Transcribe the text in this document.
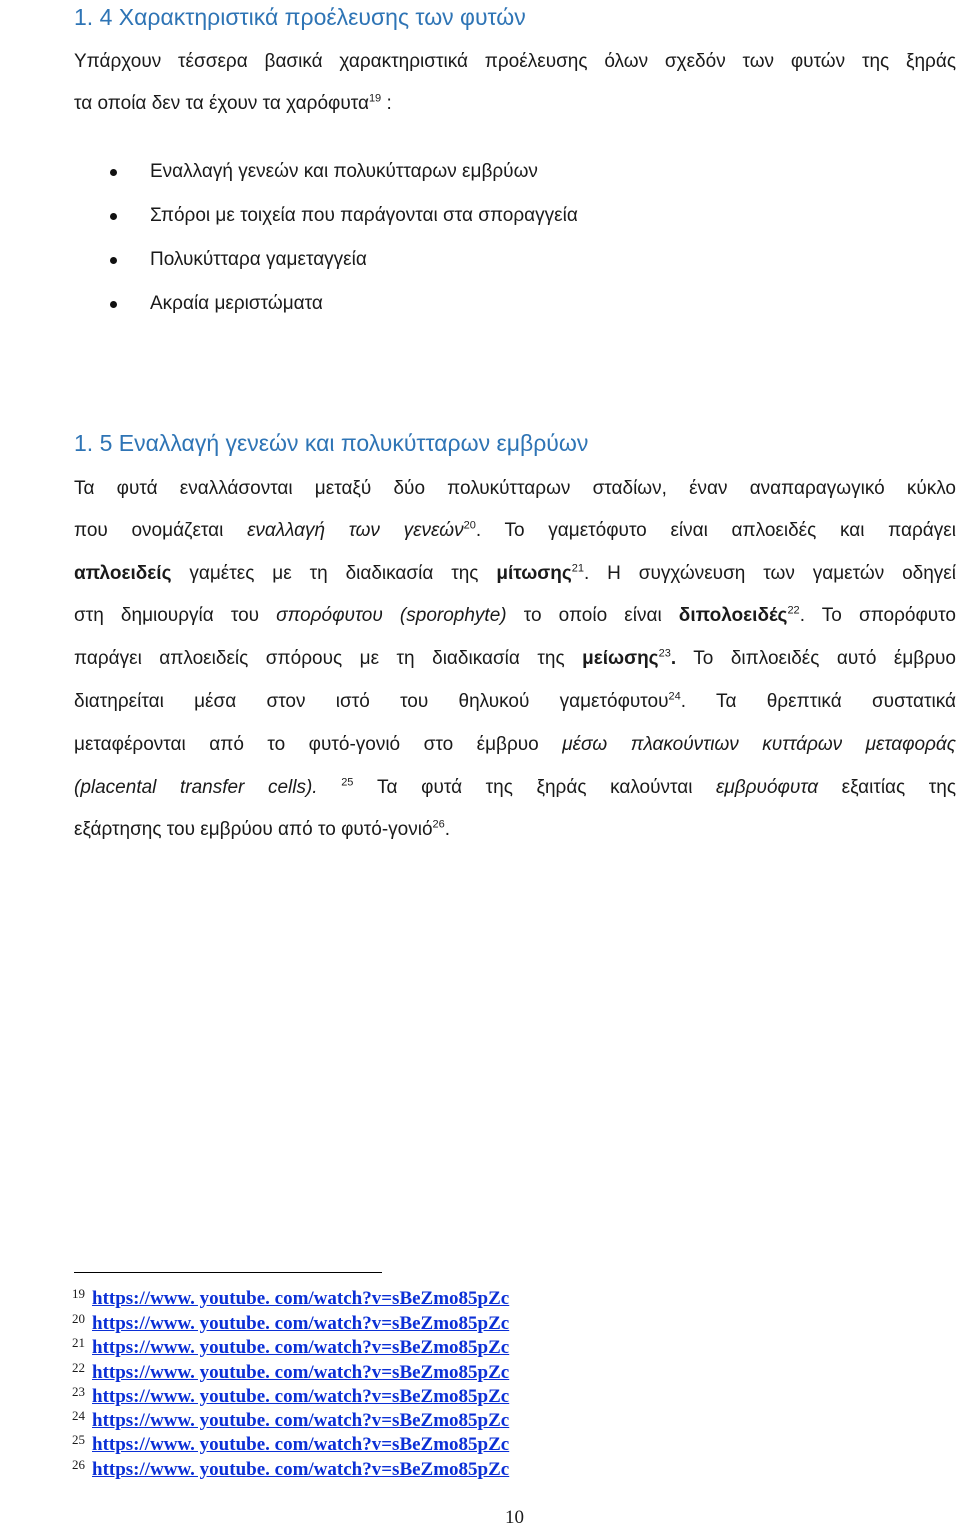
1. 4 Χαρακτηριστικά προέλευσης των φυτών
Υπάρχουν τέσσερα βασικά χαρακτηριστικά προέλευσης όλων σχεδόν των φυτών της ξηράς
τα οποία δεν τα έχουν τα χαρόφυτα$^{19}$ :
Εναλλαγή γενεών και πολυκύτταρων εμβρύων
Σπόροι με τοιχεία που παράγονται στα σποραγγεία
Πολυκύτταρα γαμεταγγεία
Ακραία μεριστώματα
1. 5 Εναλλαγή γενεών και πολυκύτταρων εμβρύων
Τα φυτά εναλλάσονται μεταξύ δύο πολυκύτταρων σταδίων, έναν αναπαραγωγικό κύκλο
που ονομάζεται εναλλαγή των γενεών$^{20}$. Το γαμετόφυτο είναι απλοειδές και παράγει
απλοειδείς γαμέτες με τη διαδικασία της μίτωσης$^{21}$. Η συγχώνευση των γαμετών οδηγεί
στη δημιουργία του σπορόφυτου (sporophyte) το οποίο είναι διπολοειδές$^{22}$. Το σπορόφυτο
παράγει απλοειδείς σπόρους με τη διαδικασία της μείωσης$^{23}$. Το διπλοειδές αυτό έμβρυο
διατηρείται μέσα στον ιστό του θηλυκού γαμετόφυτου$^{24}$. Τα θρεπτικά συστατικά
μεταφέρονται από το φυτό-γονιό στο έμβρυο μέσω πλακούντιων κυττάρων μεταφοράς
(placental transfer cells). $^{25}$ Τα φυτά της ξηράς καλούνται εμβρυόφυτα εξαιτίας της
εξάρτησης του εμβρύου από το φυτό-γονιό$^{26}$.
19 https://www. youtube. com/watch?v=sBeZmo85pZc
20 https://www. youtube. com/watch?v=sBeZmo85pZc
21 https://www. youtube. com/watch?v=sBeZmo85pZc
22 https://www. youtube. com/watch?v=sBeZmo85pZc
23 https://www. youtube. com/watch?v=sBeZmo85pZc
24 https://www. youtube. com/watch?v=sBeZmo85pZc
25 https://www. youtube. com/watch?v=sBeZmo85pZc
26 https://www. youtube. com/watch?v=sBeZmo85pZc
10
